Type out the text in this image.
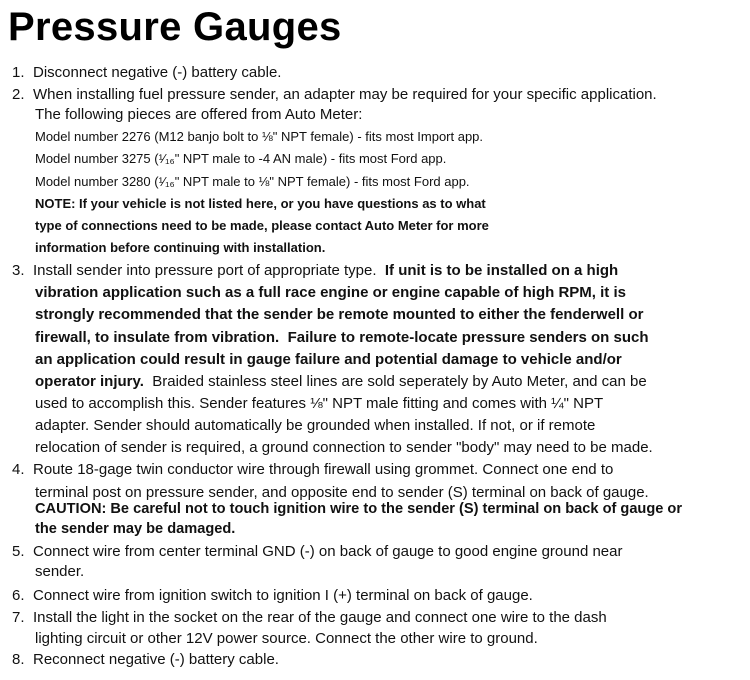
Pressure Gauges
1. Disconnect negative (-) battery cable.
2. When installing fuel pressure sender, an adapter may be required for your specific application.
The following pieces are offered from Auto Meter:
Model number 2276 (M12 banjo bolt to ⅛" NPT female) - fits most Import app.
Model number 3275 (¹⁄₁₆" NPT male to -4 AN male) - fits most Ford app.
Model number 3280 (¹⁄₁₆" NPT male to ⅛" NPT female) - fits most Ford app.
NOTE: If your vehicle is not listed here, or you have questions as to what
type of connections need to be made, please contact Auto Meter for more
information before continuing with installation.
3. Install sender into pressure port of appropriate type. If unit is to be installed on a high
vibration application such as a full race engine or engine capable of high RPM, it is
strongly recommended that the sender be remote mounted to either the fenderwell or
firewall, to insulate from vibration. Failure to remote-locate pressure senders on such
an application could result in gauge failure and potential damage to vehicle and/or
operator injury. Braided stainless steel lines are sold seperately by Auto Meter, and can be
used to accomplish this. Sender features ⅛" NPT male fitting and comes with ¼" NPT
adapter. Sender should automatically be grounded when installed. If not, or if remote
relocation of sender is required, a ground connection to sender "body" may need to be made.
4. Route 18-gage twin conductor wire through firewall using grommet. Connect one end to
terminal post on pressure sender, and opposite end to sender (S) terminal on back of gauge.
CAUTION: Be careful not to touch ignition wire to the sender (S) terminal on back of gauge or
the sender may be damaged.
5. Connect wire from center terminal GND (-) on back of gauge to good engine ground near
sender.
6. Connect wire from ignition switch to ignition I (+) terminal on back of gauge.
7. Install the light in the socket on the rear of the gauge and connect one wire to the dash
lighting circuit or other 12V power source. Connect the other wire to ground.
8. Reconnect negative (-) battery cable.
